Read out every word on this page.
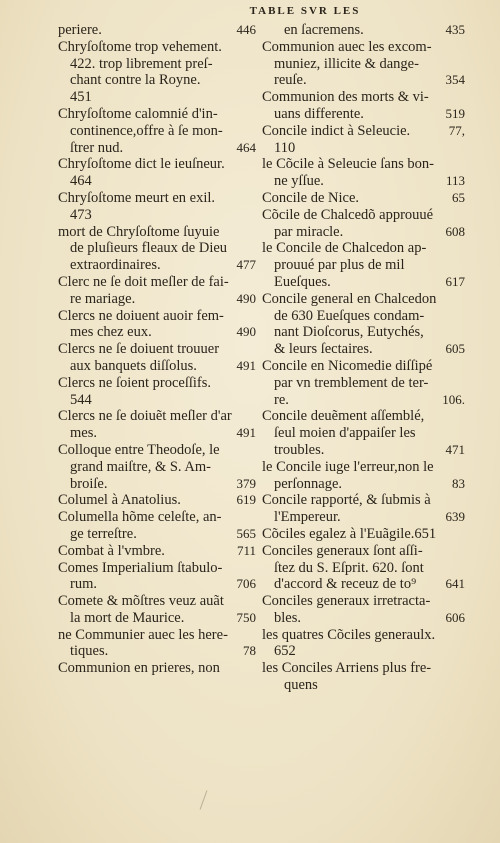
TABLE SVR LES
446
periere.
Chryſoſtome trop vehement.
422. trop librement preſ-
chant contre la Royne.
451
Chryſoſtome calomnié d'in-
continence,offre à ſe mon-
464
ſtrer nud.
Chryſoſtome dict le ieuſneur.
464
Chryſoſtome meurt en exil.
473
mort de Chryſoſtome ſuyuie
de pluſieurs fleaux de Dieu
477
extraordinaires.
Clerc ne ſe doit meſler de fai-
490
re mariage.
Clercs ne doiuent auoir fem-
490
mes chez eux.
Clercs ne ſe doiuent trouuer
491
aux banquets diſſolus.
Clercs ne ſoient proceſſifs.
544
Clercs ne ſe doiuẽt meſler d'ar
491
mes.
Colloque entre Theodoſe, le
grand maiſtre, & S. Am-
379
broiſe.
619
Columel à Anatolius.
Columella hõme celeſte, an-
565
ge terreſtre.
711
Combat à l'vmbre.
Comes Imperialium ſtabulo-
706
rum.
Comete & mõſtres veuz auãt
750
la mort de Maurice.
ne Communier auec les here-
78
tiques.
Communion en prieres, non
435
en ſacremens.
Communion auec les excom-
muniez, illicite & dange-
354
reuſe.
Communion des morts & vi-
519
uans differente.
77,
Concile indict à Seleucie.
110
le Cõcile à Seleucie ſans bon-
113
ne yſſue.
65
Concile de Nice.
Cõcile de Chalcedõ approuué
608
par miracle.
le Concile de Chalcedon ap-
prouué par plus de mil
617
Eueſques.
Concile general en Chalcedon
de 630 Eueſques condam-
nant Dioſcorus, Eutychés,
605
& leurs ſectaires.
Concile en Nicomedie diſſipé
par vn tremblement de ter-
106.
re.
Concile deuẽment aſſemblé,
ſeul moien d'appaiſer les
471
troubles.
le Concile iuge l'erreur,non le
83
perſonnage.
Concile rapporté, & ſubmis à
639
l'Empereur.
Cõciles egalez à l'Euãgile.651
Conciles generaux ſont aſſi-
ſtez du S. Eſprit. 620. ſont
641
d'accord & receuz de to⁹
Conciles generaux irretracta-
606
bles.
les quatres Cõciles generaulx.
652
les Conciles Arriens plus fre-
quens
